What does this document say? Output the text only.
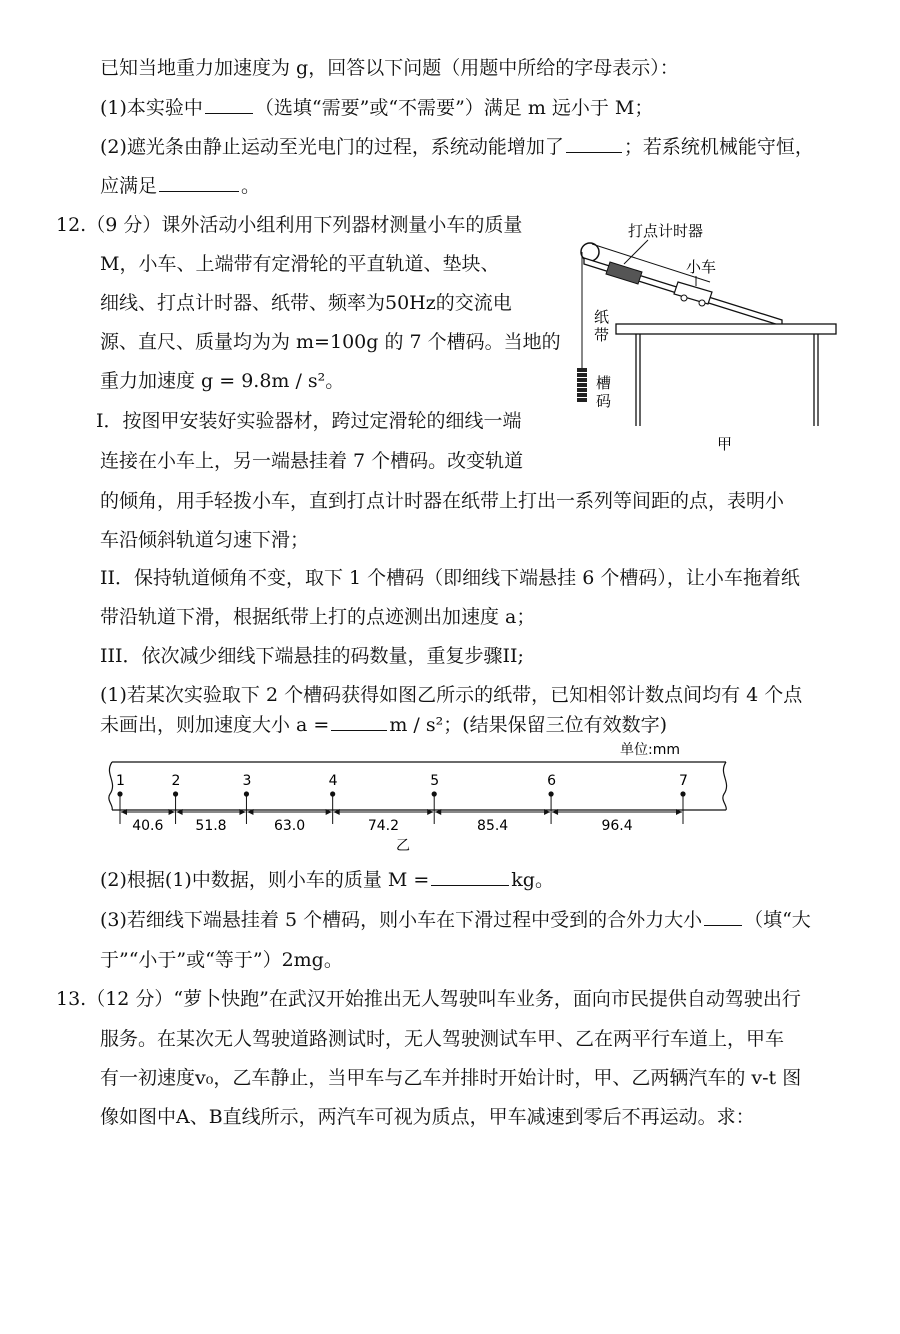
已知当地重力加速度为 g，回答以下问题（用题中所给的字母表示）：
(1)本实验中	（选填“需要”或“不需要”）满足 m 远小于 M；
(2)遮光条由静止运动至光电门的过程，系统动能增加了	；若系统机械能守恒，
应满足	。
12.（9 分）课外活动小组利用下列器材测量小车的质量
M，小车、上端带有定滑轮的平直轨道、垫块、
细线、打点计时器、纸带、频率为50Hz的交流电
源、直尺、质量均为为 m=100g 的 7 个槽码。当地的
重力加速度 g = 9.8m / s²。
I．按图甲安装好实验器材，跨过定滑轮的细线一端
连接在小车上，另一端悬挂着 7 个槽码。改变轨道
的倾角，用手轻拨小车，直到打点计时器在纸带上打出一系列等间距的点，表明小
车沿倾斜轨道匀速下滑；
II．保持轨道倾角不变，取下 1 个槽码（即细线下端悬挂 6 个槽码），让小车拖着纸
带沿轨道下滑，根据纸带上打的点迹测出加速度 a；
III．依次减少细线下端悬挂的码数量，重复步骤II;
(1)若某次实验取下 2 个槽码获得如图乙所示的纸带，已知相邻计数点间均有 4 个点
未画出，则加速度大小 a =	m / s²；(结果保留三位有效数字)
打点计时器
小车
纸
带
槽
码
甲
单位:mm
1	2	3	4	5	6	7
40.6 51.8	63.0	74.2	85.4	96.4
乙
(2)根据(1)中数据，则小车的质量 M =	kg。
(3)若细线下端悬挂着 5 个槽码，则小车在下滑过程中受到的合外力大小 （填“大
于”“小于”或“等于”）2mg。
13.（12 分）“萝卜快跑”在武汉开始推出无人驾驶叫车业务，面向市民提供自动驾驶出行
服务。在某次无人驾驶道路测试时，无人驾驶测试车甲、乙在两平行车道上，甲车
有一初速度v₀，乙车静止，当甲车与乙车并排时开始计时，甲、乙两辆汽车的 v-t 图
像如图中A、B直线所示，两汽车可视为质点，甲车减速到零后不再运动。求：
